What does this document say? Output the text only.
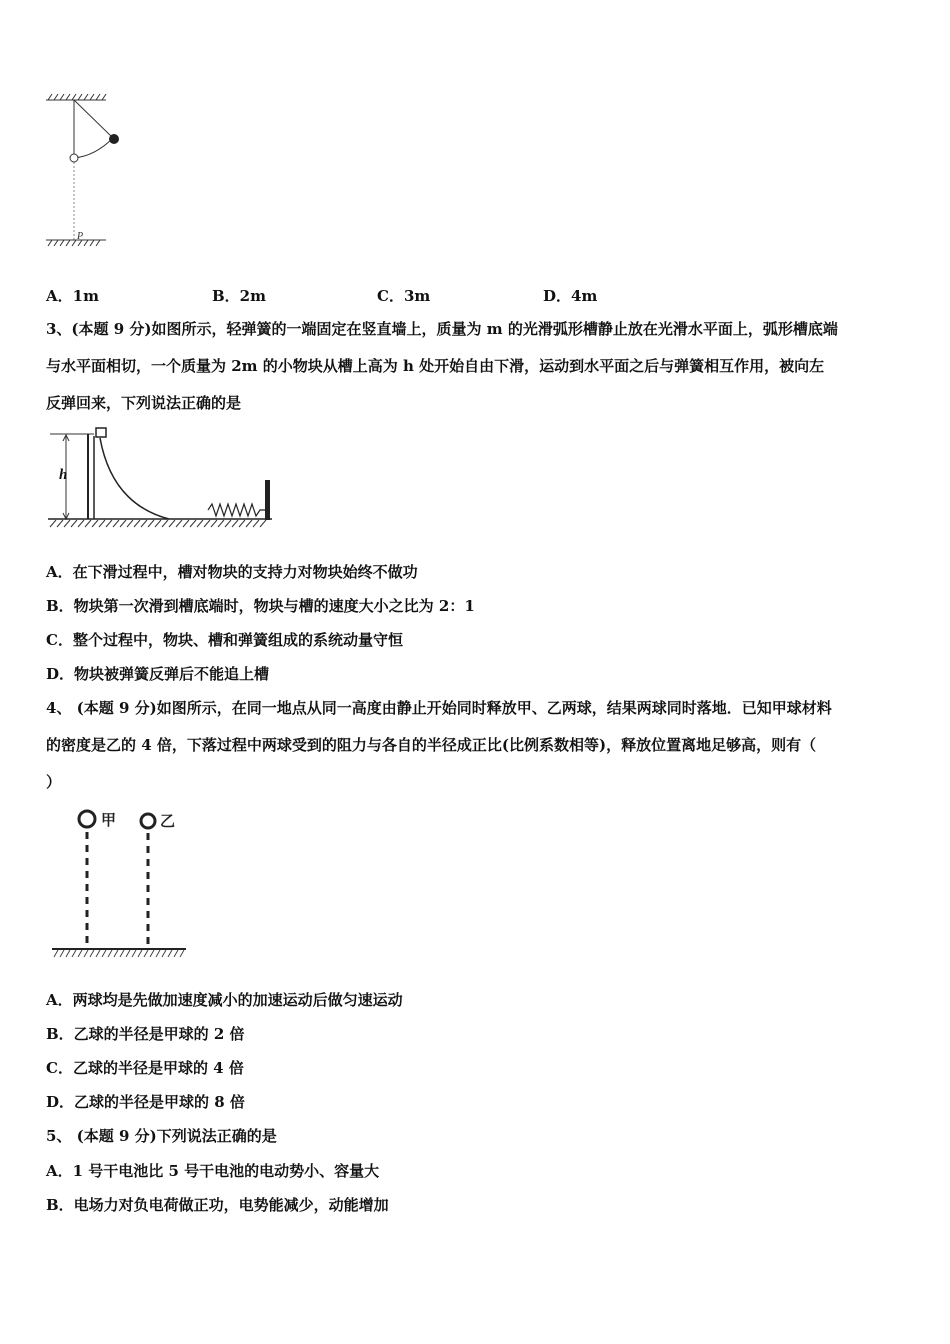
P
A．1m	B．2m	C．3m	D．4m
3、(本题 9 分)如图所示，轻弹簧的一端固定在竖直墙上，质量为 m 的光滑弧形槽静止放在光滑水平面上，弧形槽底端
与水平面相切，一个质量为 2m 的小物块从槽上高为 h 处开始自由下滑，运动到水平面之后与弹簧相互作用，被向左
反弹回来，下列说法正确的是
h
A．在下滑过程中，槽对物块的支持力对物块始终不做功
B．物块第一次滑到槽底端时，物块与槽的速度大小之比为 2：1
C．整个过程中，物块、槽和弹簧组成的系统动量守恒
D．物块被弹簧反弹后不能追上槽
4、 (本题 9 分)如图所示，在同一地点从同一高度由静止开始同时释放甲、乙两球，结果两球同时落地．已知甲球材料
的密度是乙的 4 倍，下落过程中两球受到的阻力与各自的半径成正比(比例系数相等)，释放位置离地足够高，则有（
）
甲	乙
A．两球均是先做加速度减小的加速运动后做匀速运动
B．乙球的半径是甲球的 2 倍
C．乙球的半径是甲球的 4 倍
D．乙球的半径是甲球的 8 倍
5、 (本题 9 分)下列说法正确的是
A．1 号干电池比 5 号干电池的电动势小、容量大
B．电场力对负电荷做正功，电势能减少，动能增加
